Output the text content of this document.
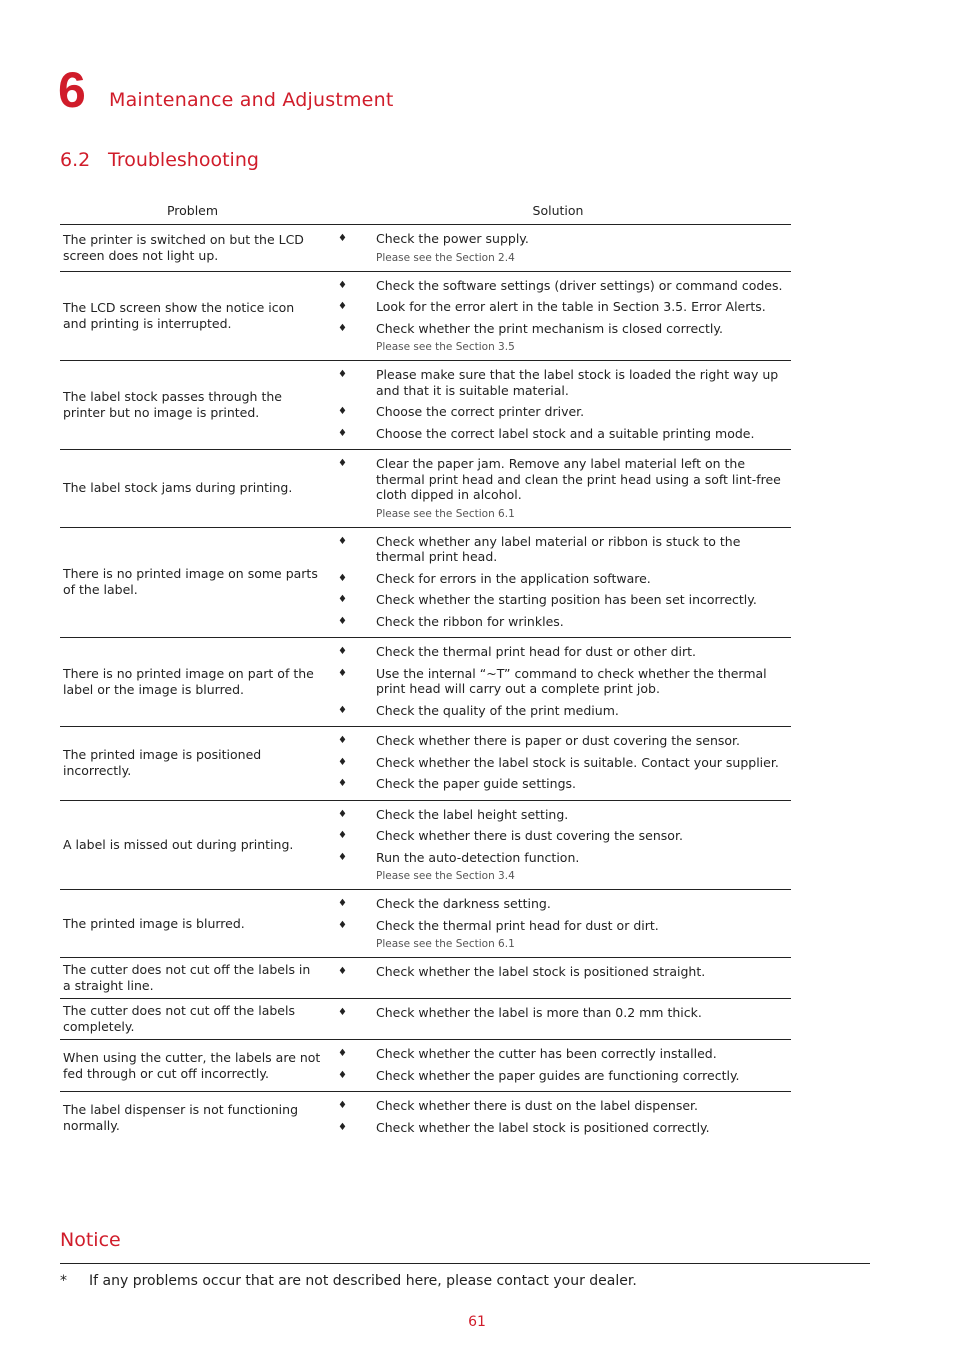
6 Maintenance and Adjustment
6.2 Troubleshooting
Problem	Solution
The printer is switched on but the LCD screen does not light up.
♦	Check the power supply.
Please see the Section 2.4
The LCD screen show the notice icon and printing is interrupted.
♦	Check the software settings (driver settings) or command codes.
♦	Look for the error alert in the table in Section 3.5. Error Alerts.
♦	Check whether the print mechanism is closed correctly.
Please see the Section 3.5
The label stock passes through the printer but no image is printed.
♦	Please make sure that the label stock is loaded the right way up and that it is suitable material.
♦	Choose the correct printer driver.
♦	Choose the correct label stock and a suitable printing mode.
The label stock jams during printing.
♦	Clear the paper jam. Remove any label material left on the thermal print head and clean the print head using a soft lint-free cloth dipped in alcohol.
Please see the Section 6.1
There is no printed image on some parts of the label.
♦	Check whether any label material or ribbon is stuck to the thermal print head.
♦	Check for errors in the application software.
♦	Check whether the starting position has been set incorrectly.
♦	Check the ribbon for wrinkles.
There is no printed image on part of the label or the image is blurred.
♦	Check the thermal print head for dust or other dirt.
♦	Use the internal “~T” command to check whether the thermal print head will carry out a complete print job.
♦	Check the quality of the print medium.
The printed image is positioned incorrectly.
♦	Check whether there is paper or dust covering the sensor.
♦	Check whether the label stock is suitable. Contact your supplier.
♦	Check the paper guide settings.
A label is missed out during printing.
♦	Check the label height setting.
♦	Check whether there is dust covering the sensor.
♦	Run the auto-detection function.
Please see the Section 3.4
The printed image is blurred.
♦	Check the darkness setting.
♦	Check the thermal print head for dust or dirt.
Please see the Section 6.1
The cutter does not cut off the labels in a straight line.
♦	Check whether the label stock is positioned straight.
The cutter does not cut off the labels completely.
♦	Check whether the label is more than 0.2 mm thick.
When using the cutter, the labels are not fed through or cut off incorrectly.
♦	Check whether the cutter has been correctly installed.
♦	Check whether the paper guides are functioning correctly.
The label dispenser is not functioning normally.
♦	Check whether there is dust on the label dispenser.
♦	Check whether the label stock is positioned correctly.
Notice
*	If any problems occur that are not described here, please contact your dealer.
61
